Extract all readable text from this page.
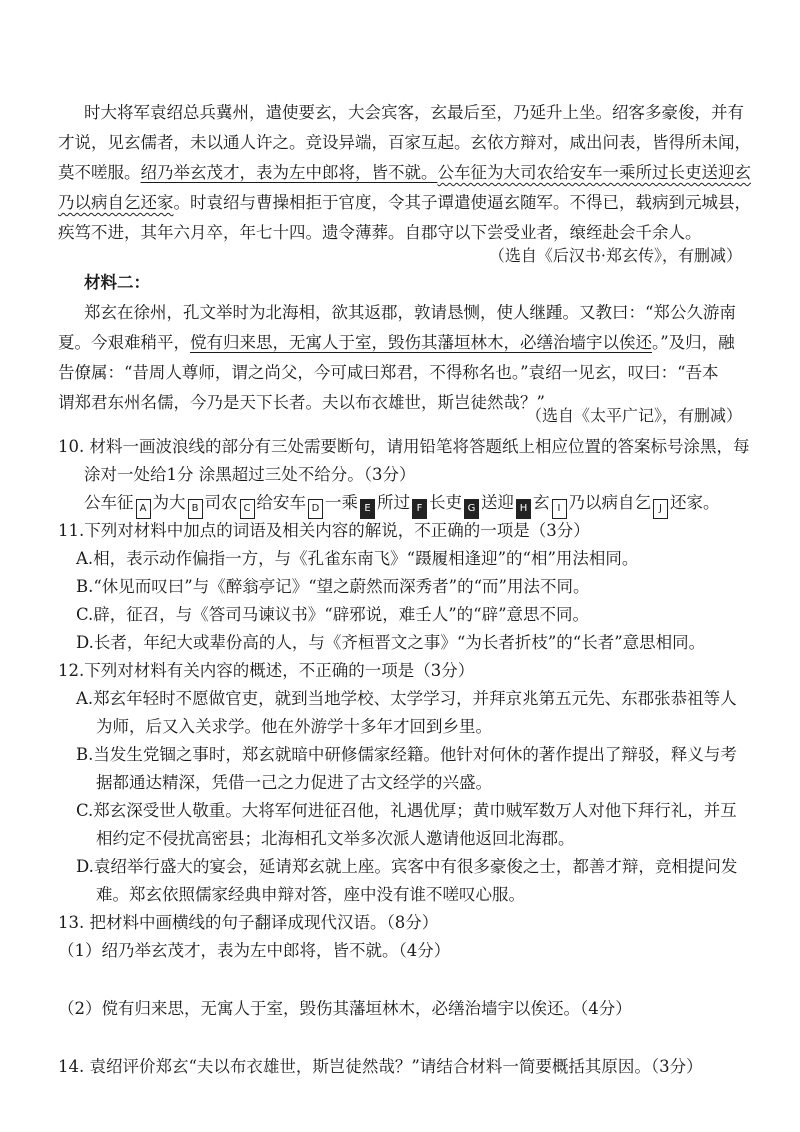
时大将军袁绍总兵冀州，遣使要玄，大会宾客，玄最后至，乃延升上坐。绍客多豪俊，并有

才说，见玄儒者，未以通人许之。竞设异端，百家互起。玄依方辩对，咸出问表，皆得所未闻，

莫不嗟服。绍乃举玄茂才，表为左中郎将，皆不就。公车征为大司农给安车一乘所过长吏送迎玄

乃以病自乞还家。时袁绍与曹操相拒于官度，令其子谭遣使逼玄随军。不得已，载病到元城县，

疾笃不进，其年六月卒，年七十四。遗令薄葬。自郡守以下尝受业者，缞绖赴会千余人。

（选自《后汉书·郑玄传》，有删减）

材料二：

郑玄在徐州，孔文举时为北海相，欲其返郡，敦请恳恻，使人继踵。又教曰：“郑公久游南

夏。今艰难稍平，傥有归来思，无寓人于室，毁伤其藩垣林木，必缮治墙宇以俟还。”及归，融

告僚属：“昔周人尊师，谓之尚父，今可咸曰郑君，不得称名也。”袁绍一见玄，叹曰：“吾本

谓郑君东州名儒，今乃是天下长者。夫以布衣雄世，斯岂徒然哉？”

（选自《太平广记》，有删减）

10. 材料一画波浪线的部分有三处需要断句，请用铅笔将答题纸上相应位置的答案标号涂黑，每

涂对一处给1分 涂黑超过三处不给分。（3分）

公车征 A 为大 B 司农 C 给安车 D 一乘 E 所过 F 长吏 G 送迎 H 玄 I 乃以病自乞 J 还家。

11.下列对材料中加点的词语及相关内容的解说，不正确的一项是（3分）

A.相，表示动作偏指一方，与《孔雀东南飞》“蹑履相逢迎”的“相”用法相同。

B.“休见而叹曰”与《醉翁亭记》“望之蔚然而深秀者”的“而”用法不同。

C.辟，征召，与《答司马谏议书》“辟邪说，难壬人”的“辟”意思不同。

D.长者，年纪大或辈份高的人，与《齐桓晋文之事》“为长者折枝”的“长者”意思相同。

12.下列对材料有关内容的概述，不正确的一项是（3分）

A.郑玄年轻时不愿做官吏，就到当地学校、太学学习，并拜京兆第五元先、东郡张恭祖等人

为师，后又入关求学。他在外游学十多年才回到乡里。

B.当发生党锢之事时，郑玄就暗中研修儒家经籍。他针对何休的著作提出了辩驳，释义与考

据都通达精深，凭借一己之力促进了古文经学的兴盛。

C.郑玄深受世人敬重。大将军何进征召他，礼遇优厚；黄巾贼军数万人对他下拜行礼，并互

相约定不侵扰高密县；北海相孔文举多次派人邀请他返回北海郡。

D.袁绍举行盛大的宴会，延请郑玄就上座。宾客中有很多豪俊之士，都善才辩，竞相提问发

难。郑玄依照儒家经典申辩对答，座中没有谁不嗟叹心服。

13. 把材料中画横线的句子翻译成现代汉语。（8分）

（1）绍乃举玄茂才，表为左中郎将，皆不就。（4分）

（2）傥有归来思，无寓人于室，毁伤其藩垣林木，必缮治墙宇以俟还。（4分）

14. 袁绍评价郑玄“夫以布衣雄世，斯岂徒然哉？”请结合材料一简要概括其原因。（3分）
